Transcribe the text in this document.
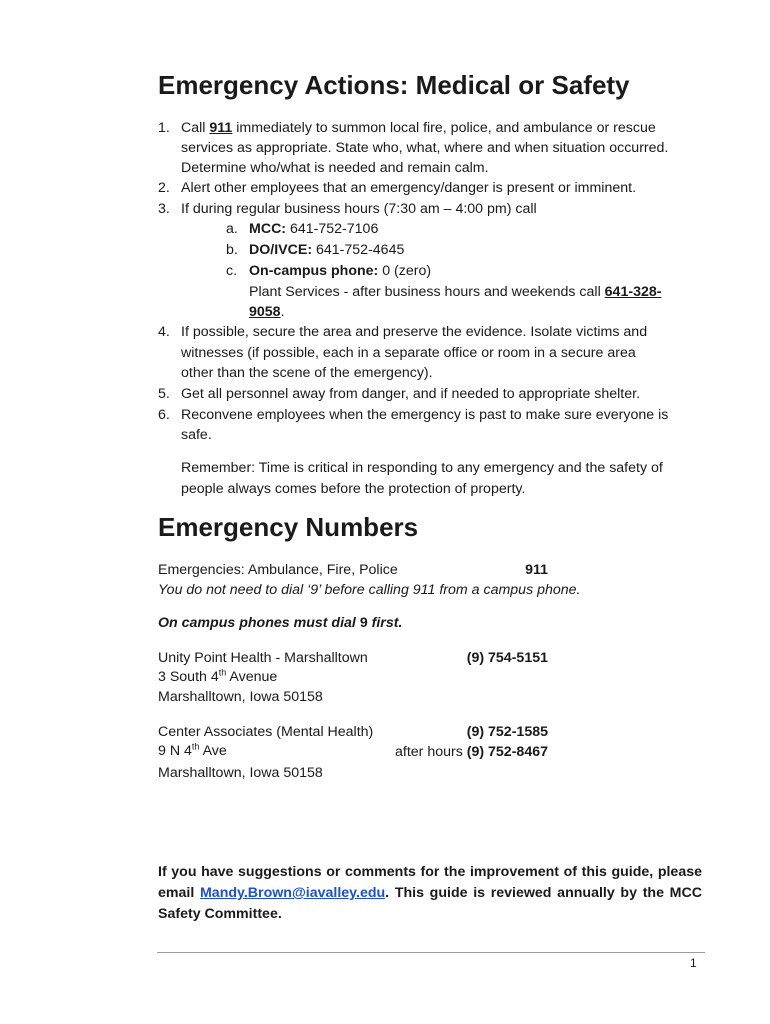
Emergency Actions: Medical or Safety
1. Call 911 immediately to summon local fire, police, and ambulance or rescue
services as appropriate. State who, what, where and when situation occurred.
Determine who/what is needed and remain calm.
2. Alert other employees that an emergency/danger is present or imminent.
3. If during regular business hours (7:30 am – 4:00 pm) call
a. MCC: 641-752-7106
b. DO/IVCE: 641-752-4645
c. On-campus phone: 0 (zero)
Plant Services - after business hours and weekends call 641-328-
9058.
4. If possible, secure the area and preserve the evidence. Isolate victims and
witnesses (if possible, each in a separate office or room in a secure area
other than the scene of the emergency).
5. Get all personnel away from danger, and if needed to appropriate shelter.
6. Reconvene employees when the emergency is past to make sure everyone is
safe.
Remember: Time is critical in responding to any emergency and the safety of
people always comes before the protection of property.
Emergency Numbers
Emergencies: Ambulance, Fire, Police	911
You do not need to dial ‘9’ before calling 911 from a campus phone.
On campus phones must dial 9 first.
Unity Point Health - Marshalltown	(9) 754-5151
3 South 4th Avenue
Marshalltown, Iowa 50158
Center Associates (Mental Health)	(9) 752-1585
9 N 4th Ave	after hours (9) 752-8467
Marshalltown, Iowa 50158
If you have suggestions or comments for the improvement of this guide, please email Mandy.Brown@iavalley.edu. This guide is reviewed annually by the MCC Safety Committee.
1
